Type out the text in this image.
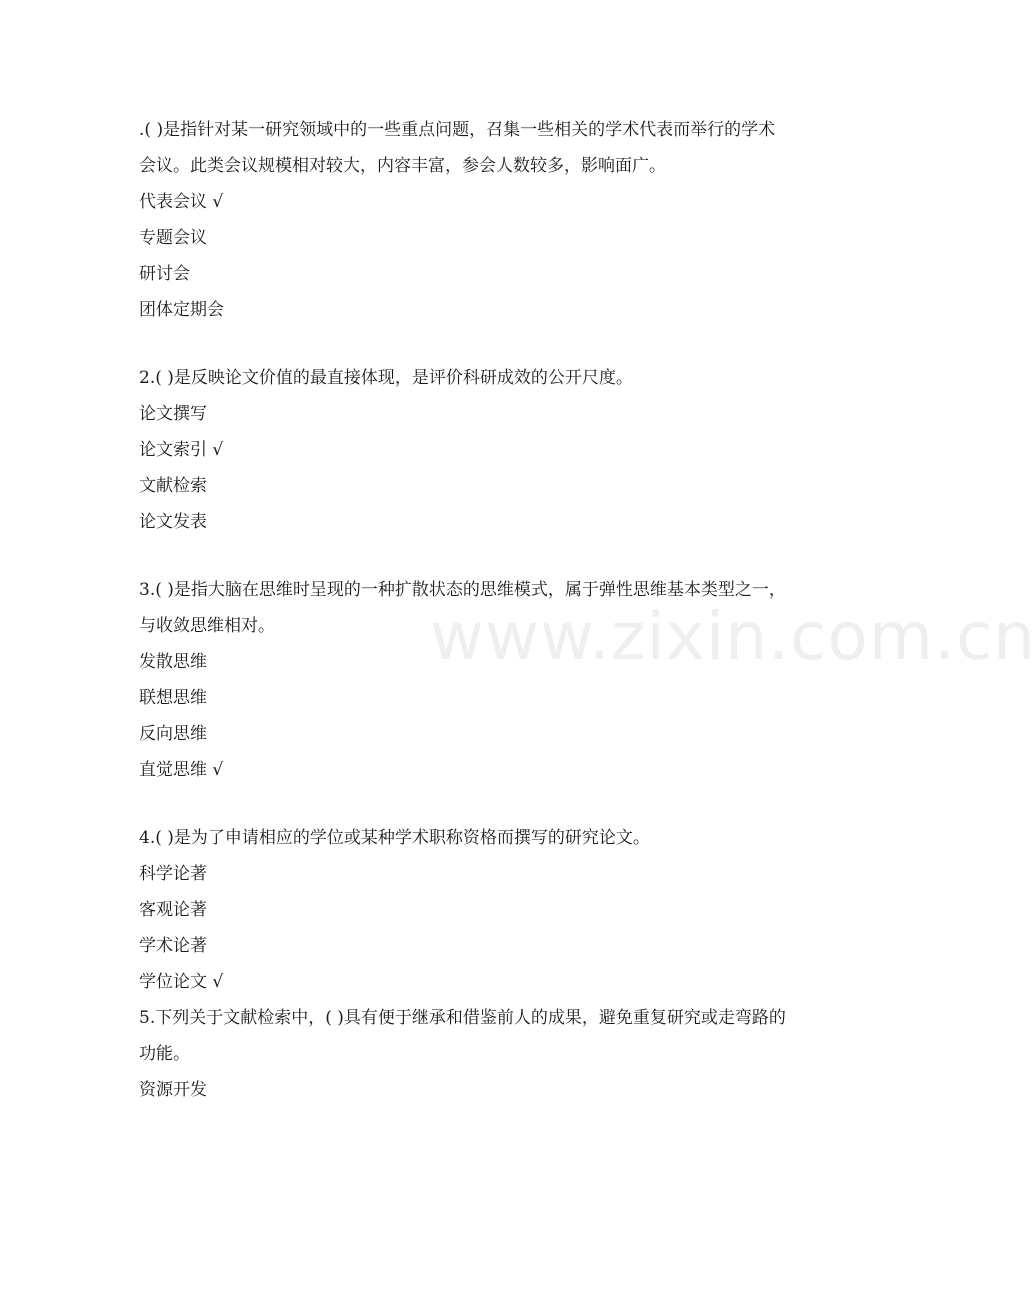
www.zixin.com.cn

.( )是指针对某一研究领域中的一些重点问题，召集一些相关的学术代表而举行的学术会议。此类会议规模相对较大，内容丰富，参会人数较多，影响面广。

代表会议 √
专题会议
研讨会
团体定期会

2.( )是反映论文价值的最直接体现，是评价科研成效的公开尺度。

论文撰写
论文索引 √
文献检索
论文发表

3.( )是指大脑在思维时呈现的一种扩散状态的思维模式，属于弹性思维基本类型之一，与收敛思维相对。

发散思维
联想思维
反向思维
直觉思维 √

4.( )是为了申请相应的学位或某种学术职称资格而撰写的研究论文。

科学论著
客观论著
学术论著
学位论文 √

5.下列关于文献检索中，( )具有便于继承和借鉴前人的成果，避免重复研究或走弯路的功能。

资源开发
